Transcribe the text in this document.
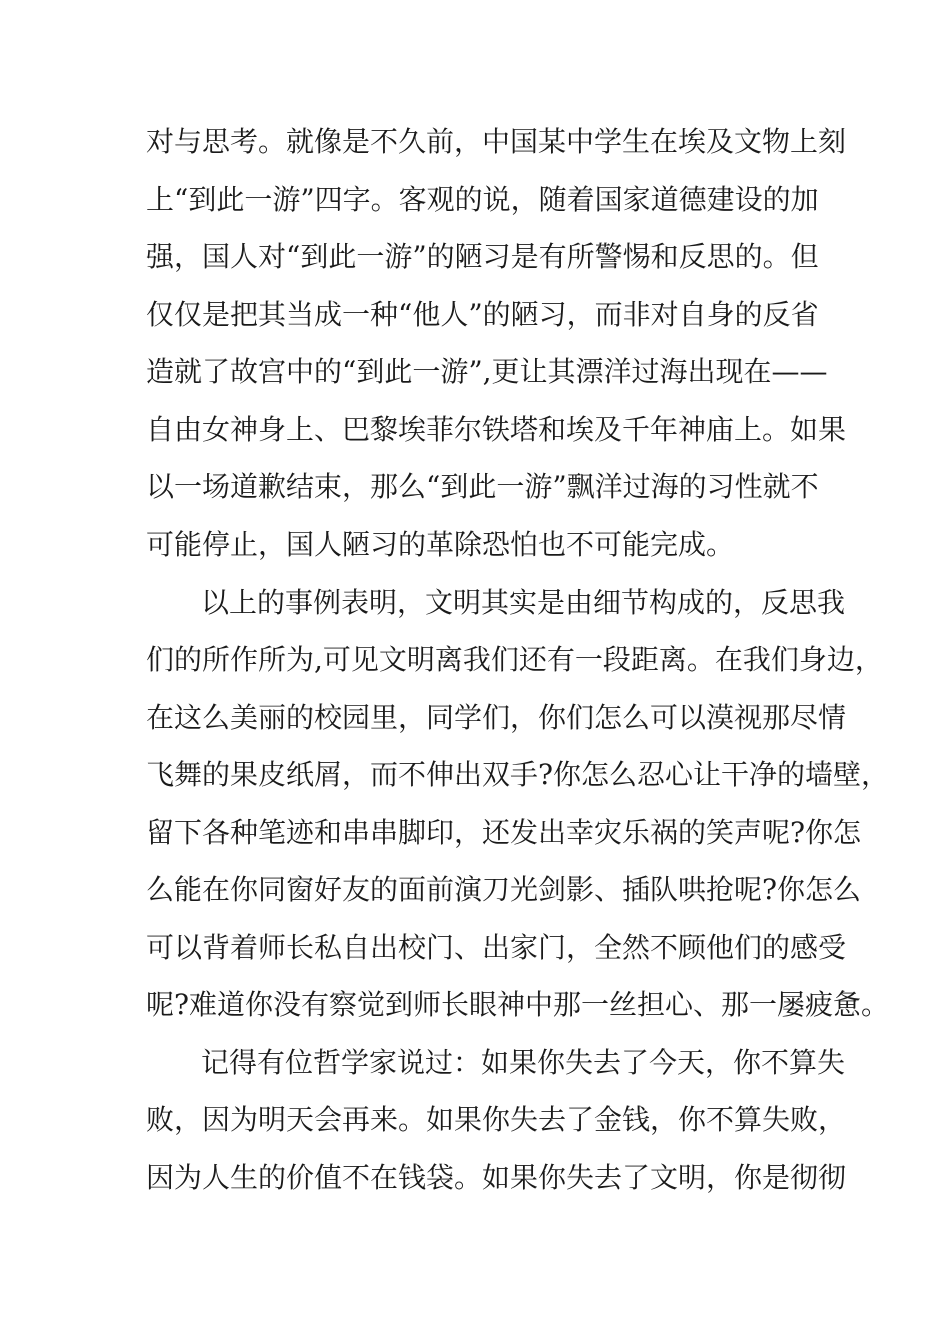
对与思考。就像是不久前，中国某中学生在埃及文物上刻
上“到此一游”四字。客观的说，随着国家道德建设的加
强，国人对“到此一游”的陋习是有所警惕和反思的。但
仅仅是把其当成一种“他人”的陋习，而非对自身的反省
造就了故宫中的“到此一游”,更让其漂洋过海出现在——
自由女神身上、巴黎埃菲尔铁塔和埃及千年神庙上。如果
以一场道歉结束，那么“到此一游”飘洋过海的习性就不
可能停止，国人陋习的革除恐怕也不可能完成。
以上的事例表明，文明其实是由细节构成的，反思我
们的所作所为,可见文明离我们还有一段距离。在我们身边，
在这么美丽的校园里，同学们，你们怎么可以漠视那尽情
飞舞的果皮纸屑，而不伸出双手?你怎么忍心让干净的墙壁，
留下各种笔迹和串串脚印，还发出幸灾乐祸的笑声呢?你怎
么能在你同窗好友的面前演刀光剑影、插队哄抢呢?你怎么
可以背着师长私自出校门、出家门，全然不顾他们的感受
呢?难道你没有察觉到师长眼神中那一丝担心、那一屡疲惫。
记得有位哲学家说过：如果你失去了今天，你不算失
败，因为明天会再来。如果你失去了金钱，你不算失败，
因为人生的价值不在钱袋。如果你失去了文明，你是彻彻
